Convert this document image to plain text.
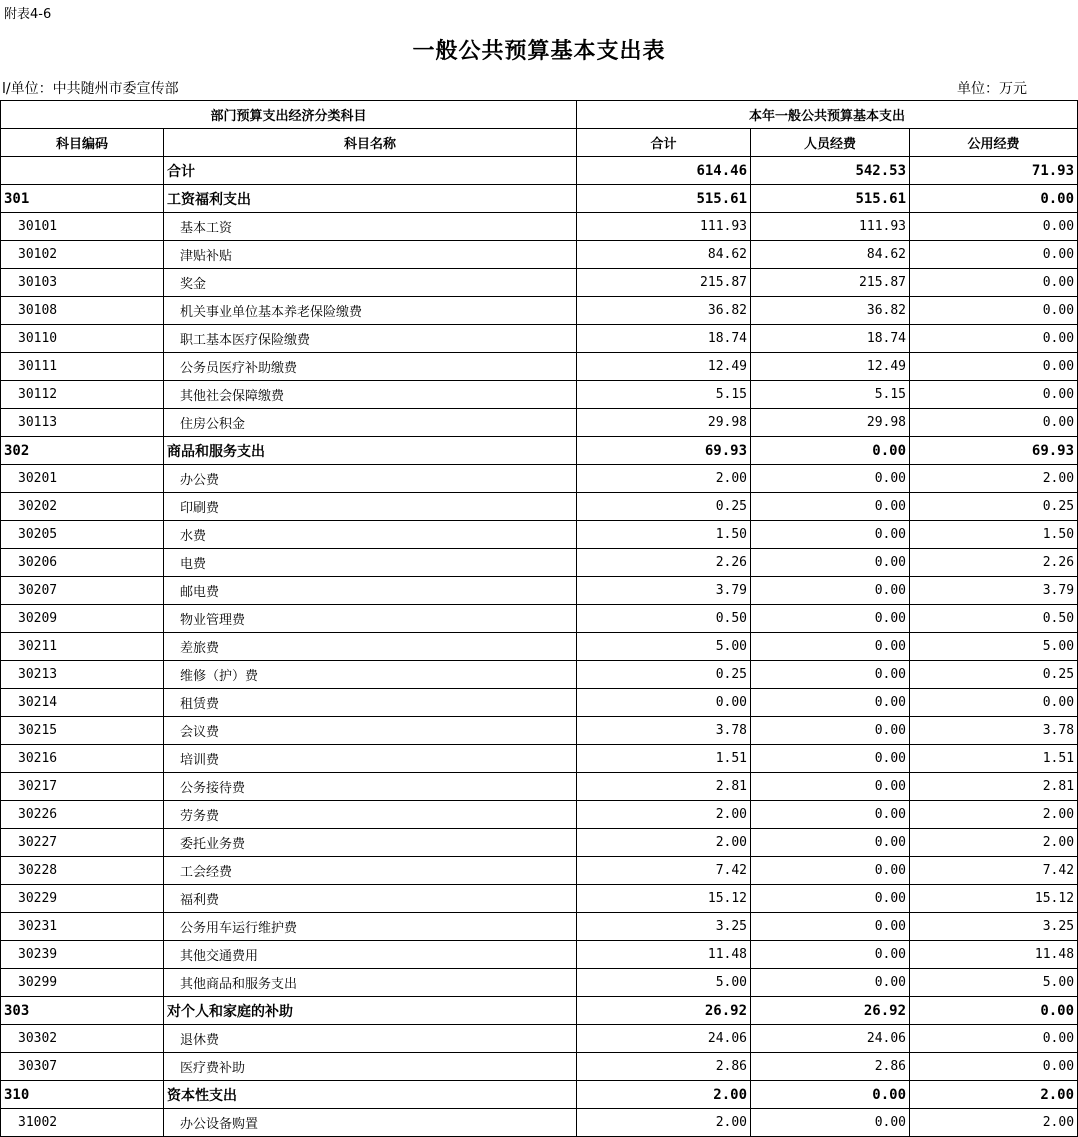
附表4-6
一般公共预算基本支出表
l/单位：中共随州市委宣传部	单位：万元
部门预算支出经济分类科目		本年一般公共预算基本支出		
科目编码	科目名称	合计	人员经费	公用经费
	合计	614.46	542.53	71.93
301	工资福利支出	515.61	515.61	0.00
30101	基本工资	111.93	111.93	0.00
30102	津贴补贴	84.62	84.62	0.00
30103	奖金	215.87	215.87	0.00
30108	机关事业单位基本养老保险缴费	36.82	36.82	0.00
30110	职工基本医疗保险缴费	18.74	18.74	0.00
30111	公务员医疗补助缴费	12.49	12.49	0.00
30112	其他社会保障缴费	5.15	5.15	0.00
30113	住房公积金	29.98	29.98	0.00
302	商品和服务支出	69.93	0.00	69.93
30201	办公费	2.00	0.00	2.00
30202	印刷费	0.25	0.00	0.25
30205	水费	1.50	0.00	1.50
30206	电费	2.26	0.00	2.26
30207	邮电费	3.79	0.00	3.79
30209	物业管理费	0.50	0.00	0.50
30211	差旅费	5.00	0.00	5.00
30213	维修（护）费	0.25	0.00	0.25
30214	租赁费	0.00	0.00	0.00
30215	会议费	3.78	0.00	3.78
30216	培训费	1.51	0.00	1.51
30217	公务接待费	2.81	0.00	2.81
30226	劳务费	2.00	0.00	2.00
30227	委托业务费	2.00	0.00	2.00
30228	工会经费	7.42	0.00	7.42
30229	福利费	15.12	0.00	15.12
30231	公务用车运行维护费	3.25	0.00	3.25
30239	其他交通费用	11.48	0.00	11.48
30299	其他商品和服务支出	5.00	0.00	5.00
303	对个人和家庭的补助	26.92	26.92	0.00
30302	退休费	24.06	24.06	0.00
30307	医疗费补助	2.86	2.86	0.00
310	资本性支出	2.00	0.00	2.00
31002	办公设备购置	2.00	0.00	2.00
